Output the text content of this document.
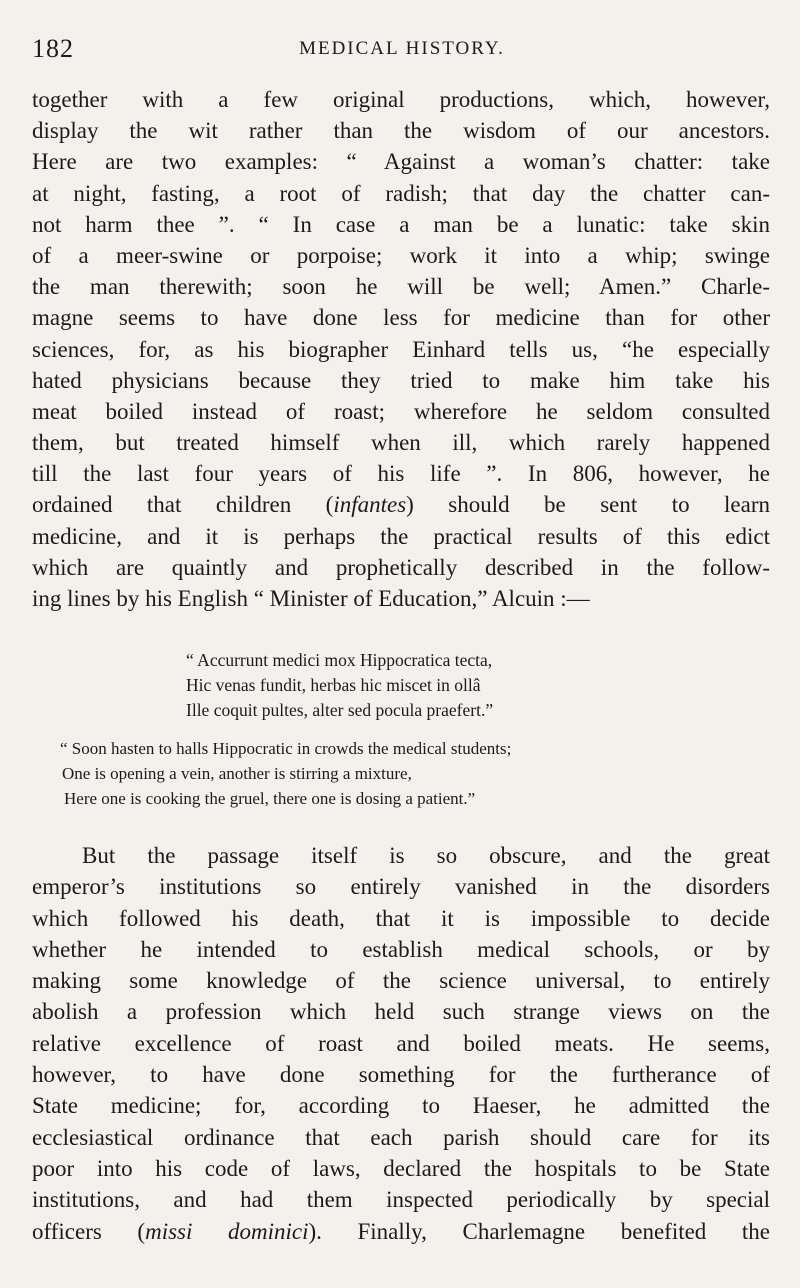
182	MEDICAL HISTORY.
together with a few original productions, which, however,
display the wit rather than the wisdom of our ancestors.
Here are two examples: “ Against a woman’s chatter: take
at night, fasting, a root of radish; that day the chatter can-
not harm thee ”. “ In case a man be a lunatic: take skin
of a meer-swine or porpoise; work it into a whip; swinge
the man therewith; soon he will be well; Amen.” Charle-
magne seems to have done less for medicine than for other
sciences, for, as his biographer Einhard tells us, “he especially
hated physicians because they tried to make him take his
meat boiled instead of roast; wherefore he seldom consulted
them, but treated himself when ill, which rarely happened
till the last four years of his life ”. In 806, however, he
ordained that children (infantes) should be sent to learn
medicine, and it is perhaps the practical results of this edict
which are quaintly and prophetically described in the follow-
ing lines by his English “ Minister of Education,” Alcuin :—
“ Accurrunt medici mox Hippocratica tecta,
Hic venas fundit, herbas hic miscet in ollâ
Ille coquit pultes, alter sed pocula praefert.”
“ Soon hasten to halls Hippocratic in crowds the medical students;
One is opening a vein, another is stirring a mixture,
Here one is cooking the gruel, there one is dosing a patient.”
But the passage itself is so obscure, and the great
emperor’s institutions so entirely vanished in the disorders
which followed his death, that it is impossible to decide
whether he intended to establish medical schools, or by
making some knowledge of the science universal, to entirely
abolish a profession which held such strange views on the
relative excellence of roast and boiled meats. He seems,
however, to have done something for the furtherance of
State medicine; for, according to Haeser, he admitted the
ecclesiastical ordinance that each parish should care for its
poor into his code of laws, declared the hospitals to be State
institutions, and had them inspected periodically by special
officers (missi dominici). Finally, Charlemagne benefited the
